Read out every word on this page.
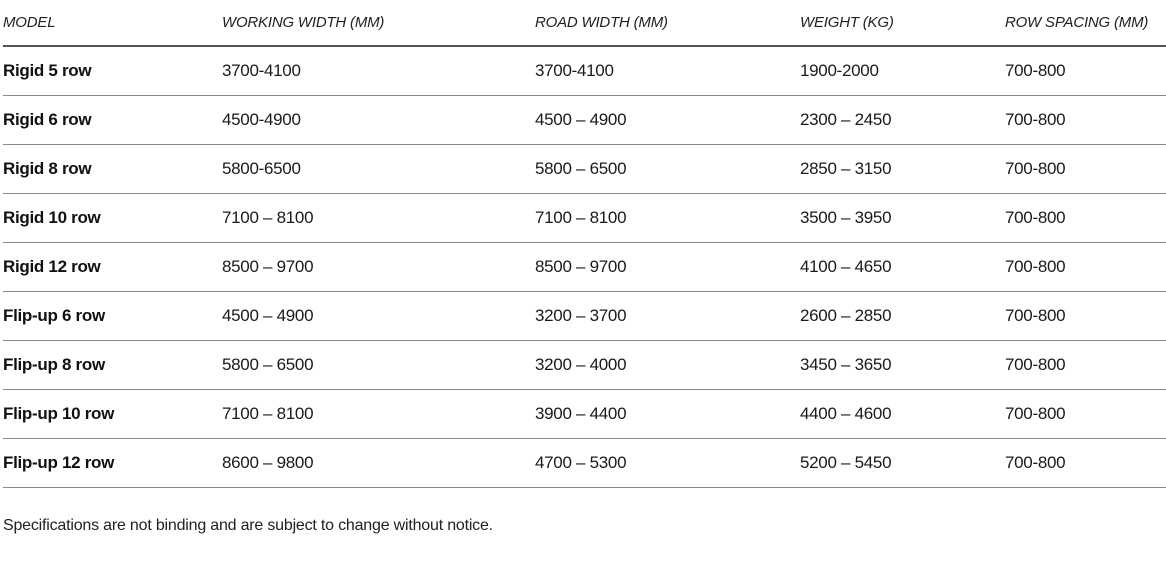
MODEL	WORKING WIDTH (MM)	ROAD WIDTH (MM)	WEIGHT (KG)	ROW SPACING (MM)
Rigid 5 row	3700-4100	3700-4100	1900-2000	700-800
Rigid 6 row	4500-4900	4500 – 4900	2300 – 2450	700-800
Rigid 8 row	5800-6500	5800 – 6500	2850 – 3150	700-800
Rigid 10 row	7100 – 8100	7100 – 8100	3500 – 3950	700-800
Rigid 12 row	8500 – 9700	8500 – 9700	4100 – 4650	700-800
Flip-up 6 row	4500 – 4900	3200 – 3700	2600 – 2850	700-800
Flip-up 8 row	5800 – 6500	3200 – 4000	3450 – 3650	700-800
Flip-up 10 row	7100 – 8100	3900 – 4400	4400 – 4600	700-800
Flip-up 12 row	8600 – 9800	4700 – 5300	5200 – 5450	700-800
Specifications are not binding and are subject to change without notice.
